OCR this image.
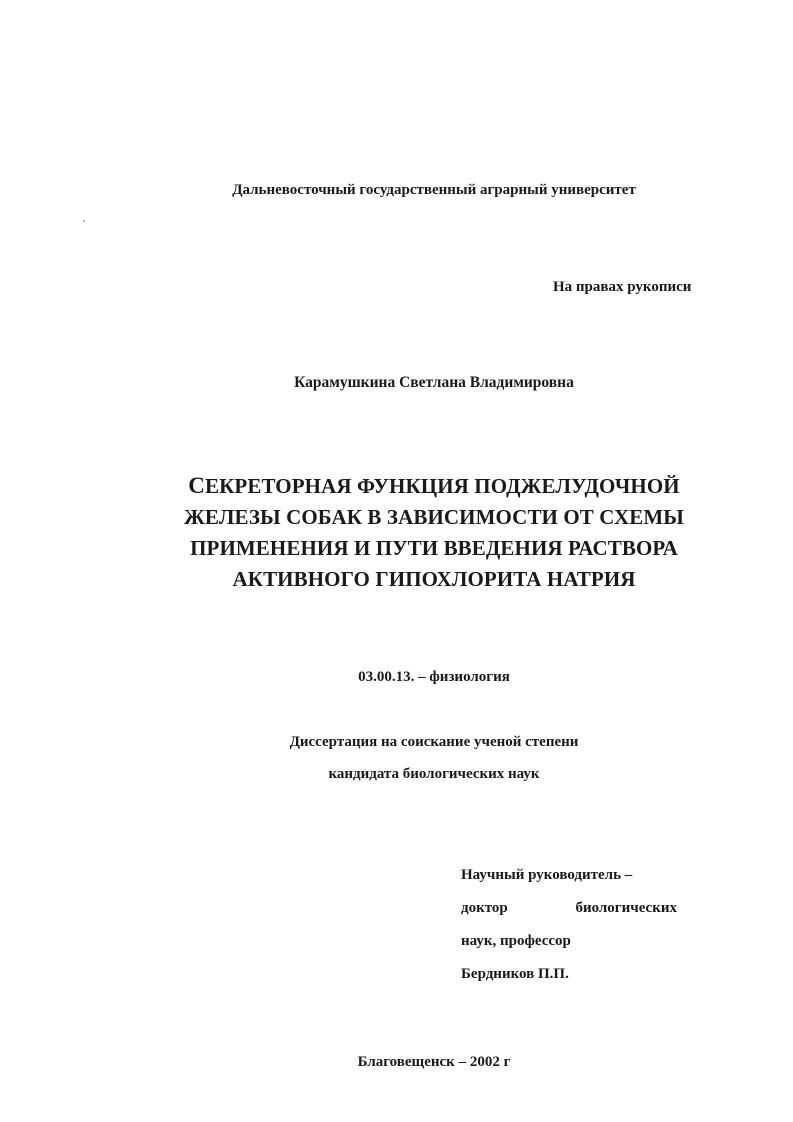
Дальневосточный государственный аграрный университет
На правах рукописи
Карамушкина Светлана Владимировна
СЕКРЕТОРНАЯ ФУНКЦИЯ ПОДЖЕЛУДОЧНОЙ
ЖЕЛЕЗЫ СОБАК В ЗАВИСИМОСТИ ОТ СХЕМЫ
ПРИМЕНЕНИЯ И ПУТИ ВВЕДЕНИЯ РАСТВОРА
АКТИВНОГО ГИПОХЛОРИТА НАТРИЯ
03.00.13. – физиология
Диссертация на соискание ученой степени
кандидата биологических наук
Научный руководитель –
доктор	биологических
наук, профессор
Бердников П.П.
Благовещенск – 2002 г
